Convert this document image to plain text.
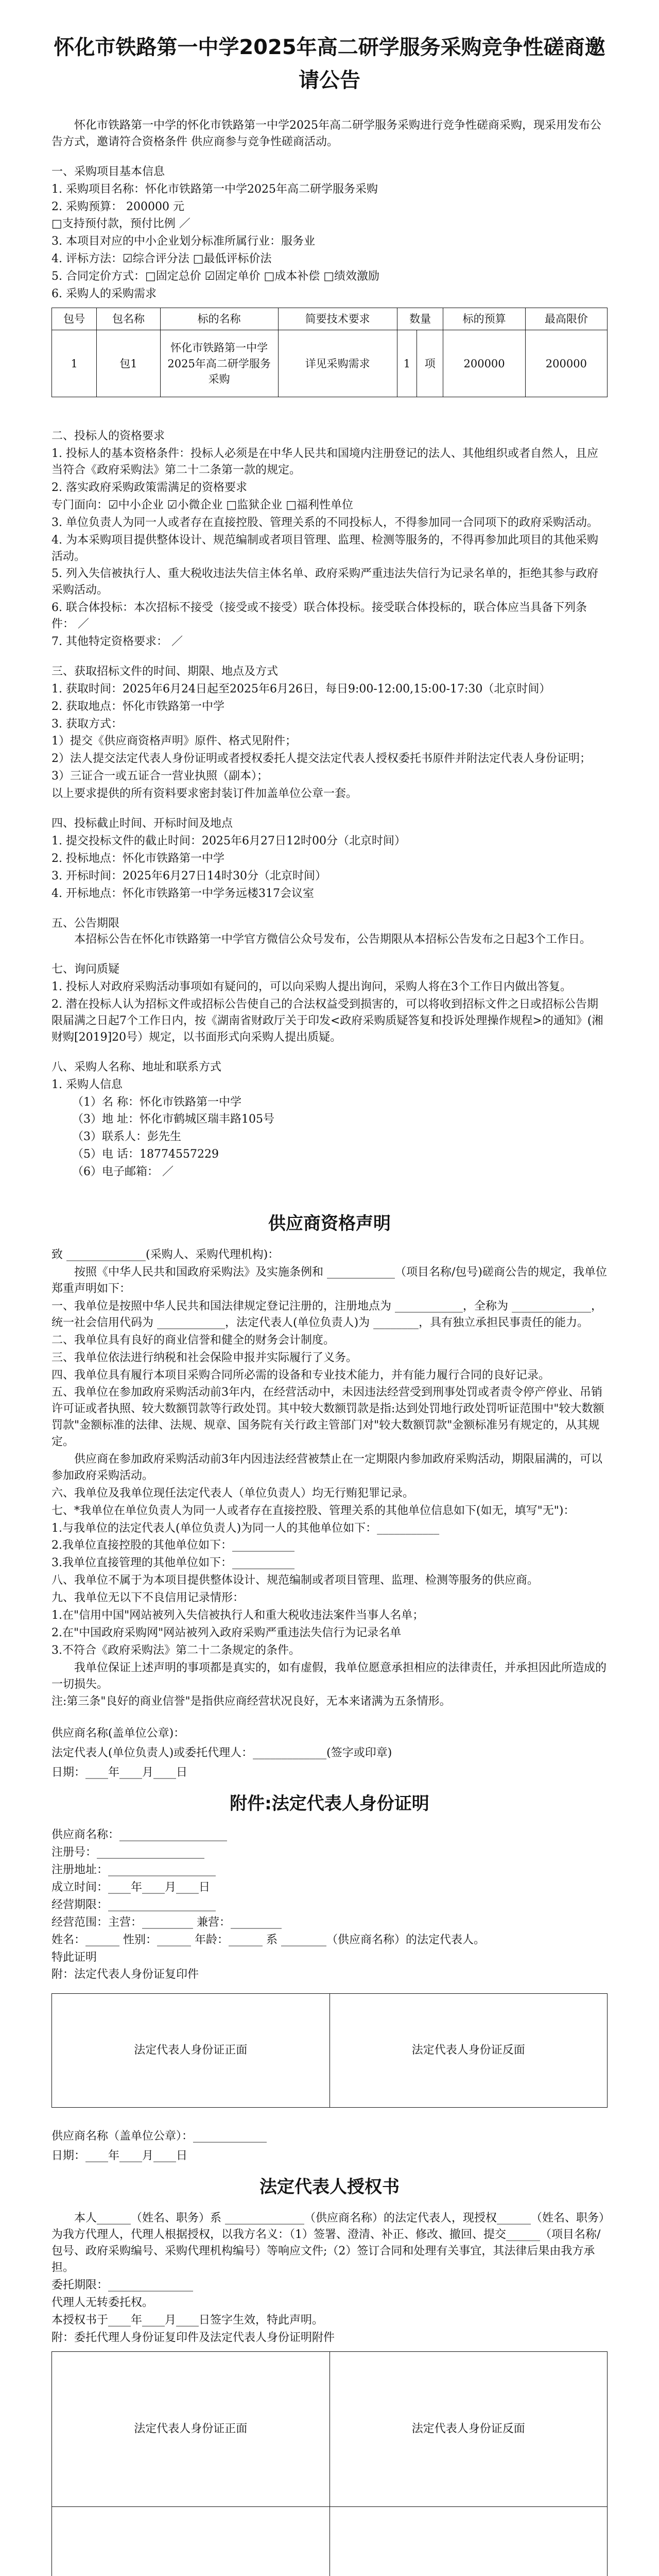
怀化市铁路第一中学2025年高二研学服务采购竞争性磋商邀请公告

怀化市铁路第一中学的怀化市铁路第一中学2025年高二研学服务采购进行竞争性磋商采购，现采用发布公告方式，邀请符合资格条件 供应商参与竞争性磋商活动。

一、采购项目基本信息

1. 采购项目名称：怀化市铁路第一中学2025年高二研学服务采购

2. 采购预算： 200000 元

□支持预付款，预付比例 ／

3. 本项目对应的中小企业划分标准所属行业：服务业

4. 评标方法：☑综合评分法 □最低评标价法

5. 合同定价方式：□固定总价 ☑固定单价 □成本补偿 □绩效激励

6. 采购人的采购需求

包号	包名称	标的名称	简要技术要求	数量		标的预算	最高限价
1	包1	怀化市铁路第一中学2025年高二研学服务采购	详见采购需求	1	项	200000	200000

二、投标人的资格要求

1. 投标人的基本资格条件：投标人必须是在中华人民共和国境内注册登记的法人、其他组织或者自然人，且应当符合《政府采购法》第二十二条第一款的规定。

2. 落实政府采购政策需满足的资格要求

专门面向：☑中小企业 ☑小微企业 □监狱企业 □福利性单位

3. 单位负责人为同一人或者存在直接控股、管理关系的不同投标人，不得参加同一合同项下的政府采购活动。

4. 为本采购项目提供整体设计、规范编制或者项目管理、监理、检测等服务的，不得再参加此项目的其他采购活动。

5. 列入失信被执行人、重大税收违法失信主体名单、政府采购严重违法失信行为记录名单的，拒绝其参与政府采购活动。

6. 联合体投标：本次招标不接受（接受或不接受）联合体投标。接受联合体投标的，联合体应当具备下列条件： ／

7. 其他特定资格要求： ／

三、获取招标文件的时间、期限、地点及方式

1. 获取时间：2025年6月24日起至2025年6月26日，每日9:00-12:00,15:00-17:30（北京时间）

2. 获取地点：怀化市铁路第一中学

3. 获取方式：

1）提交《供应商资格声明》原件、格式见附件；

2）法人提交法定代表人身份证明或者授权委托人提交法定代表人授权委托书原件并附法定代表人身份证明；

3）三证合一或五证合一营业执照（副本）；

以上要求提供的所有资料要求密封装订件加盖单位公章一套。

四、投标截止时间、开标时间及地点

1. 提交投标文件的截止时间：2025年6月27日12时00分（北京时间）

2. 投标地点：怀化市铁路第一中学

3. 开标时间：2025年6月27日14时30分（北京时间）

4. 开标地点：怀化市铁路第一中学务远楼317会议室

五、公告期限

本招标公告在怀化市铁路第一中学官方微信公众号发布，公告期限从本招标公告发布之日起3个工作日。

七、询问质疑

1. 投标人对政府采购活动事项如有疑问的，可以向采购人提出询问，采购人将在3个工作日内做出答复。

2. 潜在投标人认为招标文件或招标公告使自己的合法权益受到损害的，可以将收到招标文件之日或招标公告期限届满之日起7个工作日内，按《湖南省财政厅关于印发<政府采购质疑答复和投诉处理操作规程>的通知》(湘财购[2019]20号）规定，以书面形式向采购人提出质疑。

八、采购人名称、地址和联系方式

1. 采购人信息

（1）名 称：怀化市铁路第一中学

（3）地 址：怀化市鹤城区瑞丰路105号

（3）联系人：彭先生

（5）电 话：18774557229

（6）电子邮箱： ／

供应商资格声明

致 ______________(采购人、采购代理机构)：

按照《中华人民共和国政府采购法》及实施条例和 ____________（项目名称/包号)磋商公告的规定，我单位郑重声明如下：

一、我单位是按照中华人民共和国法律规定登记注册的，注册地点为 ____________，全称为 ______________，统一社会信用代码为 ____________，法定代表人(单位负责人)为 ________，具有独立承担民事责任的能力。

二、我单位具有良好的商业信誉和健全的财务会计制度。

三、我单位依法进行纳税和社会保险申报并实际履行了义务。

四、我单位具有履行本项目采购合同所必需的设备和专业技术能力，并有能力履行合同的良好记录。

五、我单位在参加政府采购活动前3年内，在经营活动中，未因违法经营受到刑事处罚或者责令停产停业、吊销许可证或者执照、较大数额罚款等行政处罚。其中较大数额罚款是指:达到处罚地行政处罚听证范围中"较大数额罚款"金额标准的法律、法规、规章、国务院有关行政主管部门对"较大数额罚款"金额标准另有规定的，从其规定。

供应商在参加政府采购活动前3年内因违法经营被禁止在一定期限内参加政府采购活动，期限届满的，可以参加政府采购活动。

六、我单位及我单位现任法定代表人（单位负责人）均无行贿犯罪记录。

七、*我单位在单位负责人为同一人或者存在直接控股、管理关系的其他单位信息如下(如无，填写"无")：

1.与我单位的法定代表人(单位负责人)为同一人的其他单位如下：___________

2.我单位直接控股的其他单位如下：___________

3.我单位直接管理的其他单位如下：___________

八、我单位不属于为本项目提供整体设计、规范编制或者项目管理、监理、检测等服务的供应商。

九、我单位无以下不良信用记录情形：

1.在"信用中国"网站被列入失信被执行人和重大税收违法案件当事人名单；

2.在"中国政府采购网"网站被列入政府采购严重违法失信行为记录名单

3.不符合《政府采购法》第二十二条规定的条件。

我单位保证上述声明的事项都是真实的，如有虚假，我单位愿意承担相应的法律责任，并承担因此所造成的一切损失。

注:第三条"良好的商业信誉"是指供应商经营状况良好，无本来诸满为五条情形。

供应商名称(盖单位公章)：

法定代表人(单位负责人)或委托代理人：_____________(签字或印章)

日期：____年____月____日

附件:法定代表人身份证明

供应商名称：___________________

注册号：___________________

注册地址：___________________

成立时间：____年____月____日

经营期限：___________________

经营范围：主营：_________ 兼营：_________

姓名：______ 性别：______ 年龄：______ 系 ________（供应商名称）的法定代表人。

特此证明

附：法定代表人身份证复印件

法定代表人身份证正面	法定代表人身份证反面

供应商名称（盖单位公章）：_____________

日期：____年____月____日

法定代表人授权书

本人______（姓名、职务）系 ______________（供应商名称）的法定代表人，现授权______（姓名、职务）为我方代理人，代理人根据授权，以我方名义：（1）签署、澄清、补正、修改、撤回、提交______（项目名称/包号、政府采购编号、采购代理机构编号）等响应文件;（2）签订合同和处理有关事宜，其法律后果由我方承担。

委托期限：_______________

代理人无转委托权。

本授权书于____年____月____日签字生效，特此声明。

附：委托代理人身份证复印件及法定代表人身份证明附件

法定代表人身份证正面	法定代表人身份证反面
